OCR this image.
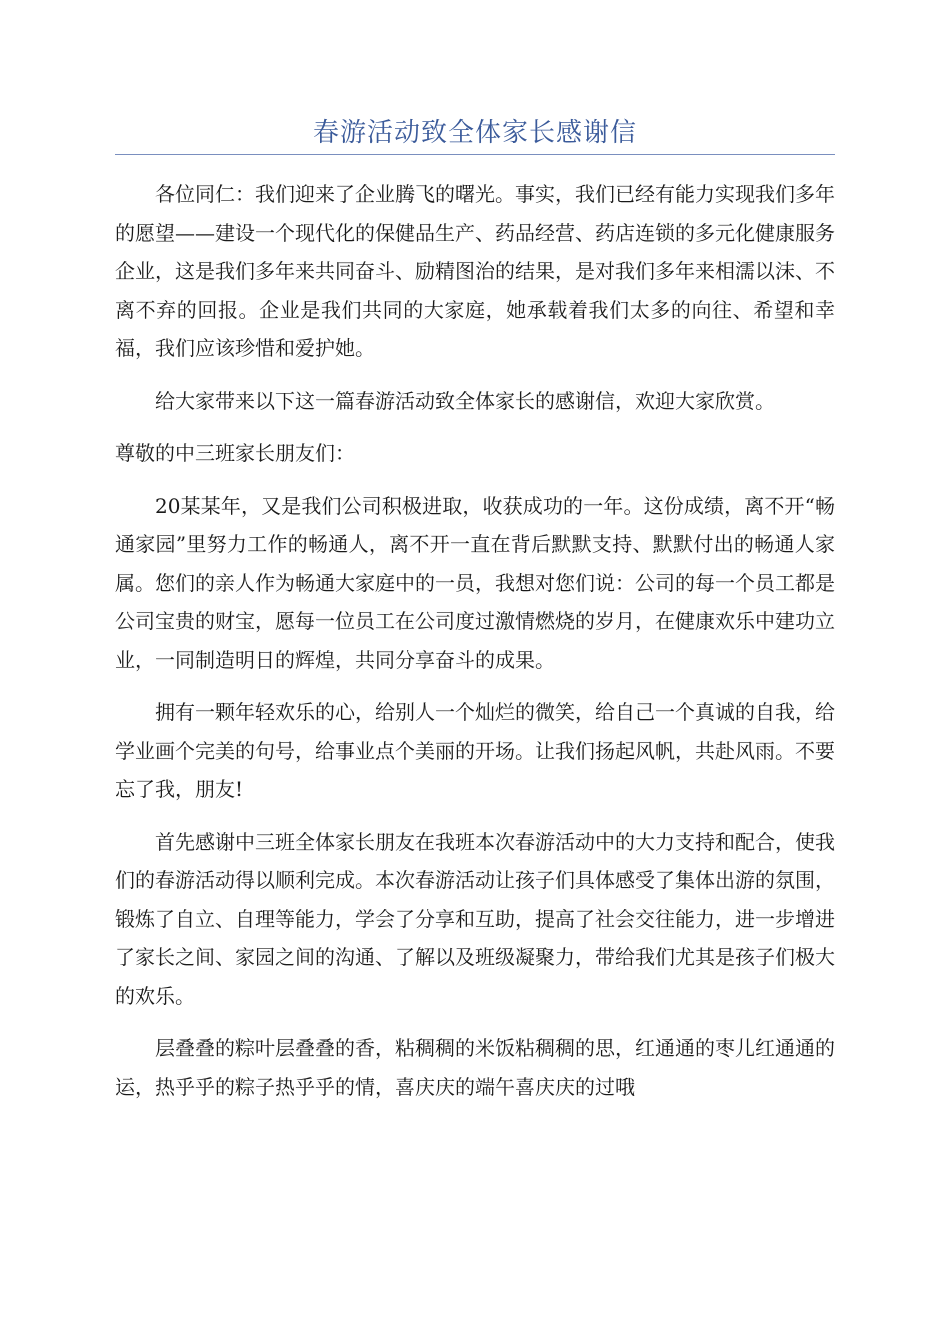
春游活动致全体家长感谢信

各位同仁：我们迎来了企业腾飞的曙光。事实，我们已经有能力实现我们多年的愿望——建设一个现代化的保健品生产、药品经营、药店连锁的多元化健康服务企业，这是我们多年来共同奋斗、励精图治的结果，是对我们多年来相濡以沫、不离不弃的回报。企业是我们共同的大家庭，她承载着我们太多的向往、希望和幸福，我们应该珍惜和爱护她。

给大家带来以下这一篇春游活动致全体家长的感谢信，欢迎大家欣赏。

尊敬的中三班家长朋友们：

20某某年，又是我们公司积极进取，收获成功的一年。这份成绩，离不开“畅通家园”里努力工作的畅通人，离不开一直在背后默默支持、默默付出的畅通人家属。您们的亲人作为畅通大家庭中的一员，我想对您们说：公司的每一个员工都是公司宝贵的财宝，愿每一位员工在公司度过激情燃烧的岁月，在健康欢乐中建功立业，一同制造明日的辉煌，共同分享奋斗的成果。

拥有一颗年轻欢乐的心，给别人一个灿烂的微笑，给自己一个真诚的自我，给学业画个完美的句号，给事业点个美丽的开场。让我们扬起风帆，共赴风雨。不要忘了我，朋友!

首先感谢中三班全体家长朋友在我班本次春游活动中的大力支持和配合，使我们的春游活动得以顺利完成。本次春游活动让孩子们具体感受了集体出游的氛围，锻炼了自立、自理等能力，学会了分享和互助，提高了社会交往能力，进一步增进了家长之间、家园之间的沟通、了解以及班级凝聚力，带给我们尤其是孩子们极大的欢乐。

层叠叠的粽叶层叠叠的香，粘稠稠的米饭粘稠稠的思，红通通的枣儿红通通的运，热乎乎的粽子热乎乎的情，喜庆庆的端午喜庆庆的过哦
